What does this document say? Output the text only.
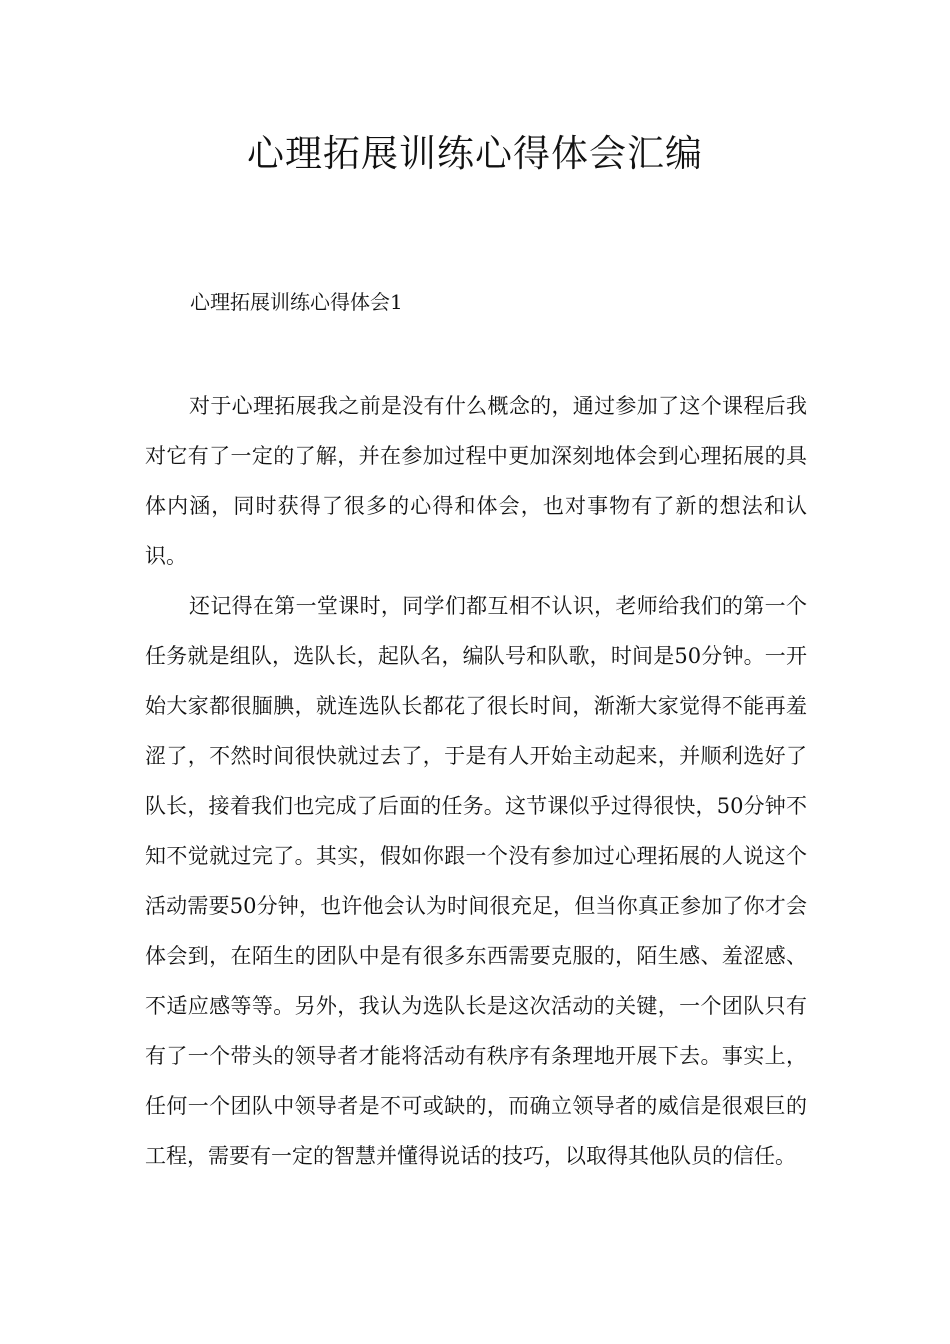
心理拓展训练心得体会汇编
心理拓展训练心得体会1

对于心理拓展我之前是没有什么概念的，通过参加了这个课程后我对它有了一定的了解，并在参加过程中更加深刻地体会到心理拓展的具体内涵，同时获得了很多的心得和体会，也对事物有了新的想法和认识。

还记得在第一堂课时，同学们都互相不认识，老师给我们的第一个任务就是组队，选队长，起队名，编队号和队歌，时间是50分钟。一开始大家都很腼腆，就连选队长都花了很长时间，渐渐大家觉得不能再羞涩了，不然时间很快就过去了，于是有人开始主动起来，并顺利选好了队长，接着我们也完成了后面的任务。这节课似乎过得很快，50分钟不知不觉就过完了。其实，假如你跟一个没有参加过心理拓展的人说这个活动需要50分钟，也许他会认为时间很充足，但当你真正参加了你才会体会到，在陌生的团队中是有很多东西需要克服的，陌生感、羞涩感、不适应感等等。另外，我认为选队长是这次活动的关键，一个团队只有有了一个带头的领导者才能将活动有秩序有条理地开展下去。事实上，任何一个团队中领导者是不可或缺的，而确立领导者的威信是很艰巨的工程，需要有一定的智慧并懂得说话的技巧，以取得其他队员的信任。
